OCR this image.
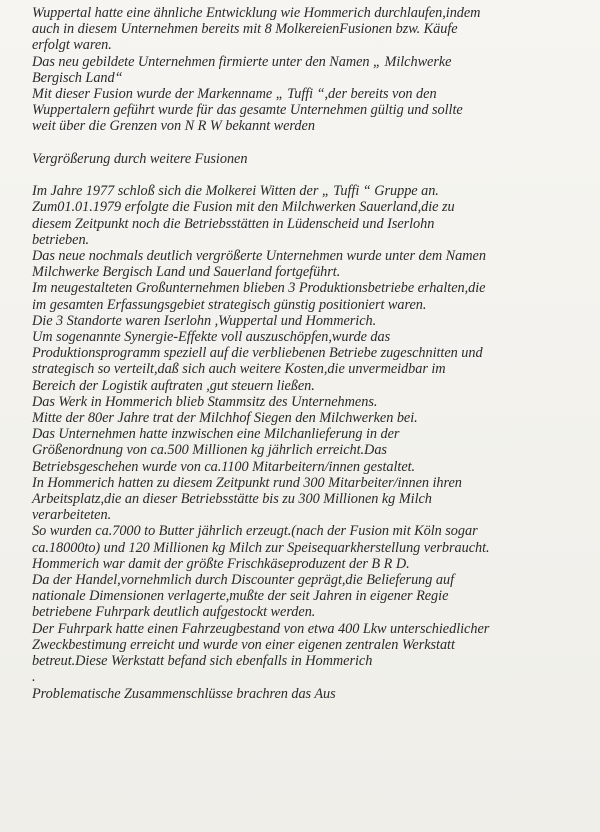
Wuppertal hatte eine ähnliche Entwicklung wie Hommerich durchlaufen,indem
auch in diesem Unternehmen bereits mit 8 MolkereienFusionen bzw. Käufe
erfolgt waren.
Das neu gebildete Unternehmen firmierte unter den Namen „ Milchwerke
Bergisch Land“
Mit dieser Fusion wurde der Markenname „ Tuffi “,der bereits von den
Wuppertalern geführt wurde für das gesamte Unternehmen gültig und sollte
weit über die Grenzen von N R W bekannt werden
Vergrößerung durch weitere Fusionen
Im Jahre 1977 schloß sich die Molkerei Witten der „ Tuffi “ Gruppe an.
Zum01.01.1979 erfolgte die Fusion mit den Milchwerken Sauerland,die zu
diesem Zeitpunkt noch die Betriebsstätten in Lüdenscheid und Iserlohn
betrieben.
Das neue nochmals deutlich vergrößerte Unternehmen wurde unter dem Namen
Milchwerke Bergisch Land und Sauerland fortgeführt.
Im neugestalteten Großunternehmen blieben 3 Produktionsbetriebe erhalten,die
im gesamten Erfassungsgebiet strategisch günstig positioniert waren.
Die 3 Standorte waren Iserlohn ,Wuppertal und Hommerich.
Um sogenannte Synergie-Effekte voll auszuschöpfen,wurde das
Produktionsprogramm speziell auf die verbliebenen Betriebe zugeschnitten und
strategisch so verteilt,daß sich auch weitere Kosten,die unvermeidbar im
Bereich der Logistik auftraten ,gut steuern ließen.
Das Werk in Hommerich blieb Stammsitz des Unternehmens.
Mitte der 80er Jahre trat der Milchhof Siegen den Milchwerken bei.
Das Unternehmen hatte inzwischen eine Milchanlieferung in der
Größenordnung von ca.500 Millionen kg jährlich erreicht.Das
Betriebsgeschehen wurde von ca.1100 Mitarbeitern/innen gestaltet.
In Hommerich hatten zu diesem Zeitpunkt rund 300 Mitarbeiter/innen ihren
Arbeitsplatz,die an dieser Betriebsstätte bis zu 300 Millionen kg Milch
verarbeiteten.
So wurden ca.7000 to Butter jährlich erzeugt.(nach der Fusion mit Köln sogar
ca.18000to) und 120 Millionen kg Milch zur Speisequarkherstellung verbraucht.
Hommerich war damit der größte Frischkäseproduzent der B R D.
Da der Handel,vornehmlich durch Discounter geprägt,die Belieferung auf
nationale Dimensionen verlagerte,mußte der seit Jahren in eigener Regie
betriebene Fuhrpark deutlich aufgestockt werden.
Der Fuhrpark hatte einen Fahrzeugbestand von etwa 400 Lkw unterschiedlicher
Zweckbestimung erreicht und wurde von einer eigenen zentralen Werkstatt
betreut.Diese Werkstatt befand sich ebenfalls in Hommerich
.
Problematische Zusammenschlüsse brachren das Aus
